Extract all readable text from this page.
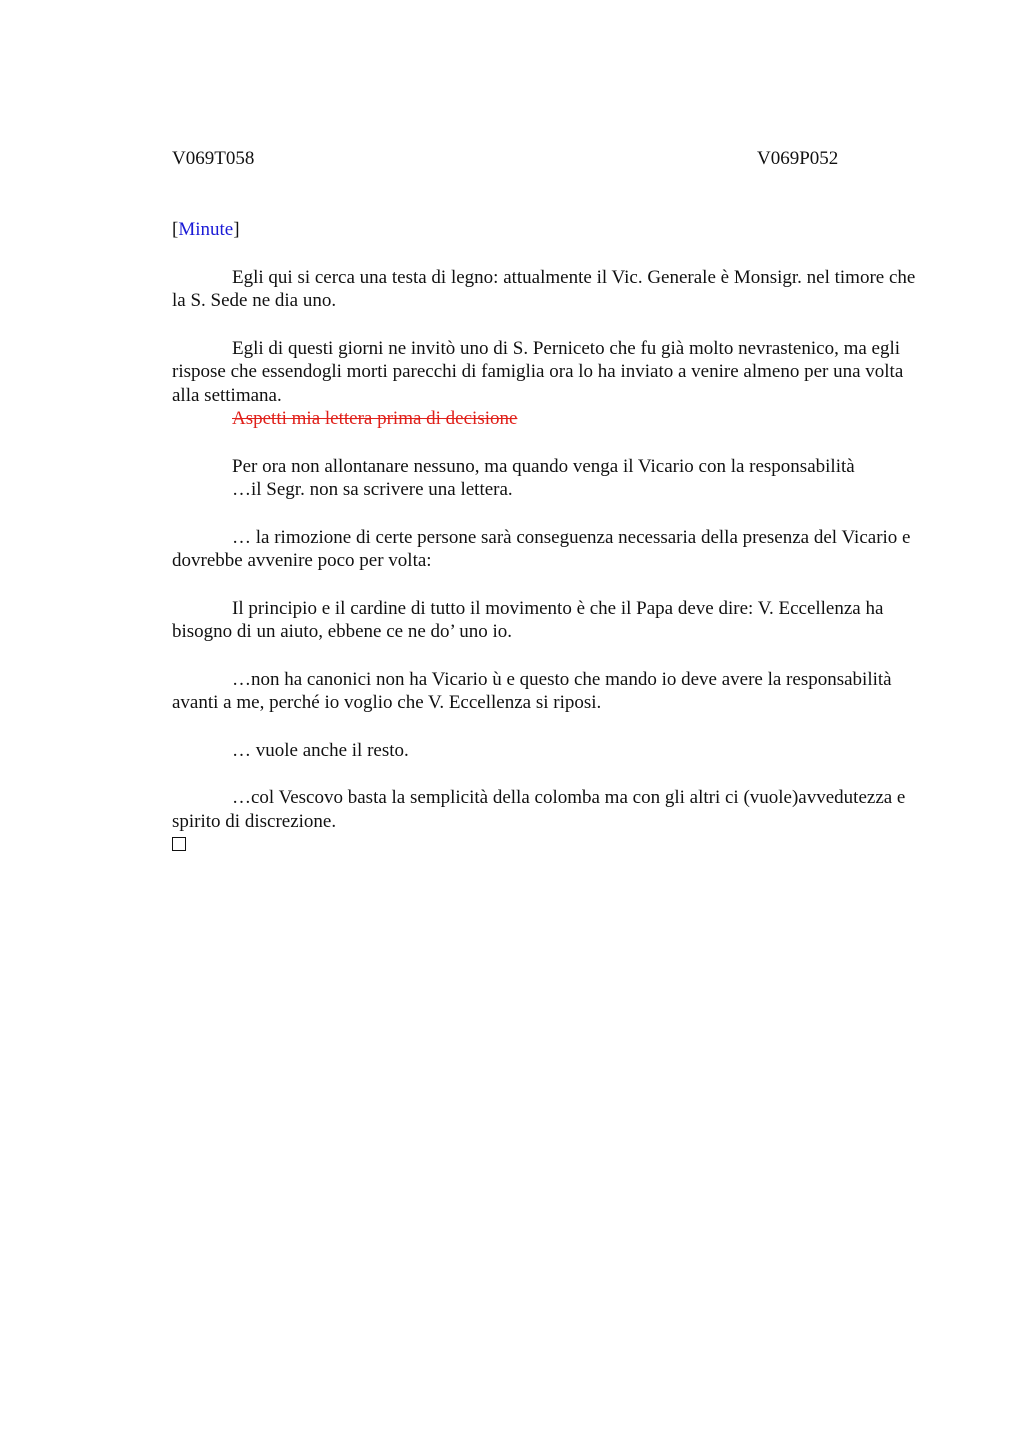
V069T058	V069P052
[Minute]

Egli qui si cerca una testa di legno: attualmente il Vic. Generale è Monsigr. nel timore che la S. Sede ne dia uno.

Egli di questi giorni ne invitò uno di S. Perniceto che fu già molto nevrastenico, ma egli rispose che essendogli morti parecchi di famiglia ora lo ha inviato a venire almeno per una volta alla settimana.

Aspetti mia lettera prima di decisione

Per ora non allontanare nessuno, ma quando venga il Vicario con la responsabilità
…il Segr. non sa scrivere una lettera.

… la rimozione di certe persone sarà conseguenza necessaria della presenza del Vicario e dovrebbe avvenire poco per volta:

Il principio e il cardine di tutto il movimento è che il Papa deve dire: V. Eccellenza ha bisogno di un aiuto, ebbene ce ne do’ uno io.

…non ha canonici non ha Vicario ù e questo che mando io deve avere la responsabilità avanti a me, perché io voglio che V. Eccellenza si riposi.

… vuole anche il resto.

…col Vescovo basta la semplicità della colomba ma con gli altri ci (vuole)avvedutezza e spirito di discrezione.
